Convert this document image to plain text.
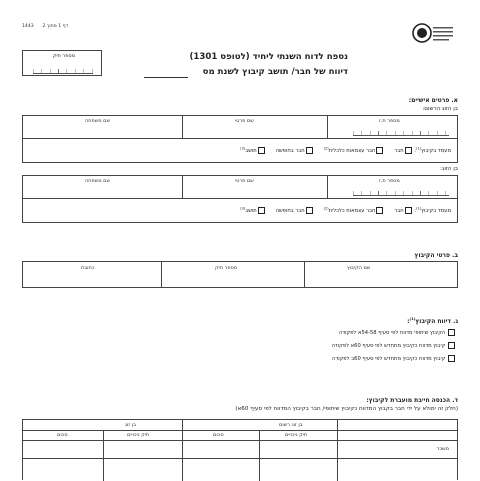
דף 1 מתוך 2      1443
מספר תיק	נספח לדוח השנתי ליחיד (לטופס 1301)
דיווח של חבר/ תושב קיבוץ לשנת מס
א. פרטים אישיים:
בן הזוג הרשום:
שם משפחה	שם פרטי	מספר ת.ז
מעמד בקיבוץ$^{(1)}$: חבר      חבר עצמאות כלכלית$^{(2)}$      חבר בחופשה      תושב$^{(3)}$
בן הזוג:
שם משפחה	שם פרטי	מספר ת.ז
מעמד בקיבוץ$^{(1)}$: חבר      חבר עצמאות כלכלית$^{(2)}$      חבר בחופשה      תושב$^{(3)}$
ב. פרטי הקיבוץ
כתובת	מספר תיק	שם הקיבוץ
ג. דיווח הקיבוץ$^{(1)}$:
הקיבוץ שיתופי מדווח לפי סעיף 54-58א לפקודה
קיבוץ מדווח כקיבוץ מתחדש לפי סעיף 60א לפקודה
קיבוץ מדווח כקיבוץ מתחדש לפי סעיף 60ב לפקודה
ד. הכנסה חייבת מועברת לקיבוץ:
(חלק זה ימולא על ידי חבר בקבוץ המדווח כקיבוץ שיתופי/ חבר בקיבוץ המדווח לפי סעיף 60א)
בן זוג	בן זוג רשום
סכום	תיק ניכויים	סכום	תיק ניכויים
משכר
